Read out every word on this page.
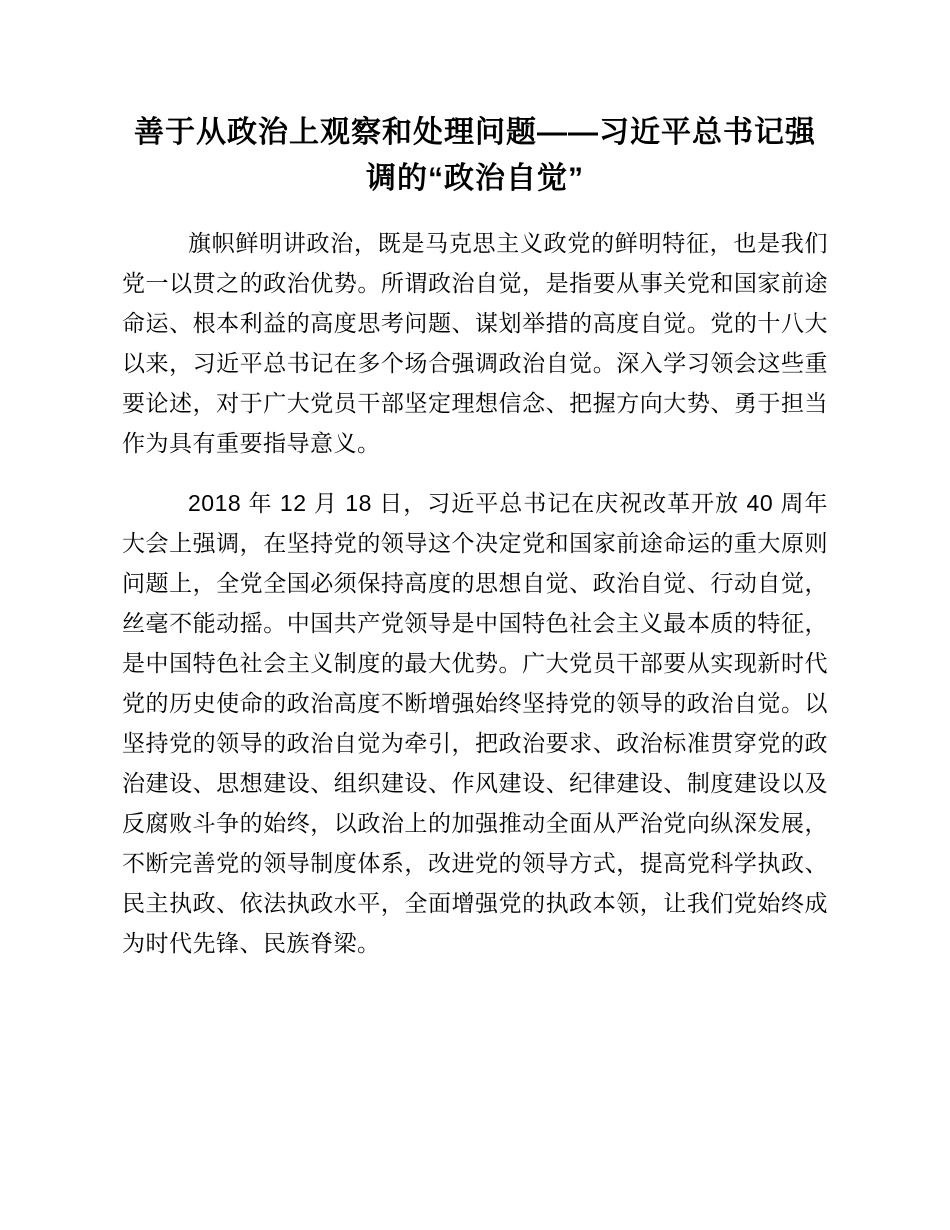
善于从政治上观察和处理问题——习近平总书记强调的“政治自觉”

旗帜鲜明讲政治，既是马克思主义政党的鲜明特征，也是我们党一以贯之的政治优势。所谓政治自觉，是指要从事关党和国家前途命运、根本利益的高度思考问题、谋划举措的高度自觉。党的十八大以来，习近平总书记在多个场合强调政治自觉。深入学习领会这些重要论述，对于广大党员干部坚定理想信念、把握方向大势、勇于担当作为具有重要指导意义。

2018 年 12 月 18 日，习近平总书记在庆祝改革开放 40 周年大会上强调，在坚持党的领导这个决定党和国家前途命运的重大原则问题上，全党全国必须保持高度的思想自觉、政治自觉、行动自觉，丝毫不能动摇。中国共产党领导是中国特色社会主义最本质的特征，是中国特色社会主义制度的最大优势。广大党员干部要从实现新时代党的历史使命的政治高度不断增强始终坚持党的领导的政治自觉。以坚持党的领导的政治自觉为牵引，把政治要求、政治标准贯穿党的政治建设、思想建设、组织建设、作风建设、纪律建设、制度建设以及反腐败斗争的始终，以政治上的加强推动全面从严治党向纵深发展，不断完善党的领导制度体系，改进党的领导方式，提高党科学执政、民主执政、依法执政水平，全面增强党的执政本领，让我们党始终成为时代先锋、民族脊梁。
